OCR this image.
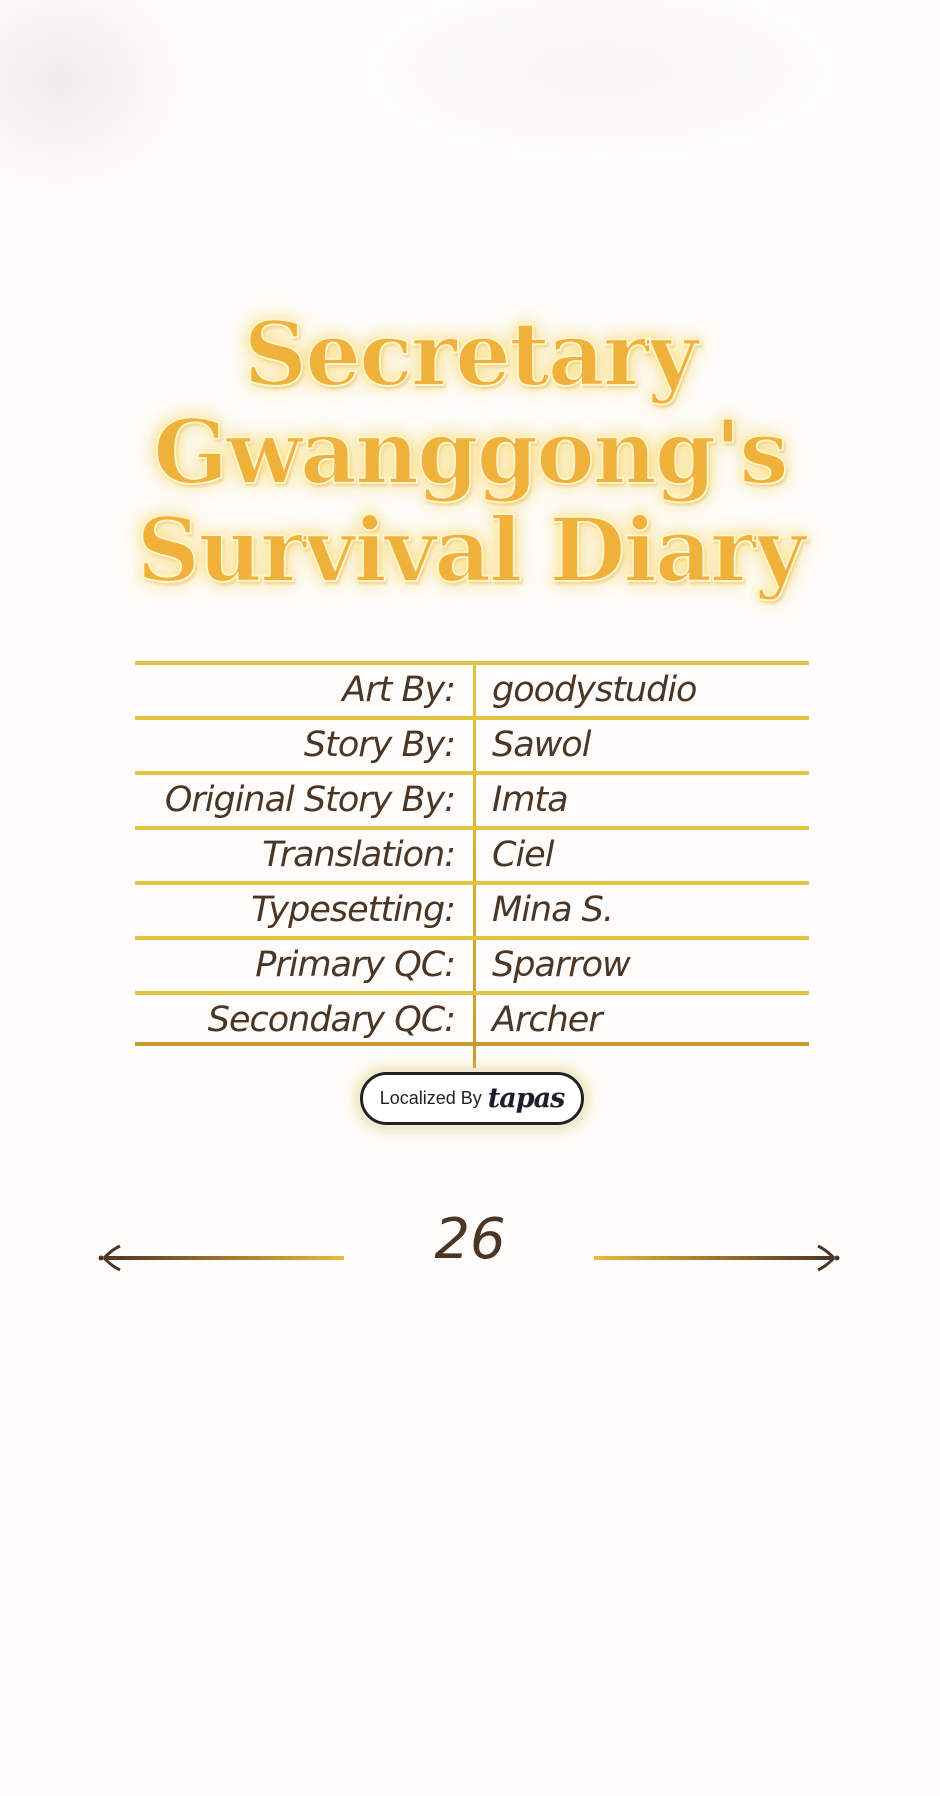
Secretary
Gwanggong's
Survival Diary
Art By: goodystudio
Story By: Sawol
Original Story By: Imta
Translation: Ciel
Typesetting: Mina S.
Primary QC: Sparrow
Secondary QC: Archer
Localized By tapas
26
